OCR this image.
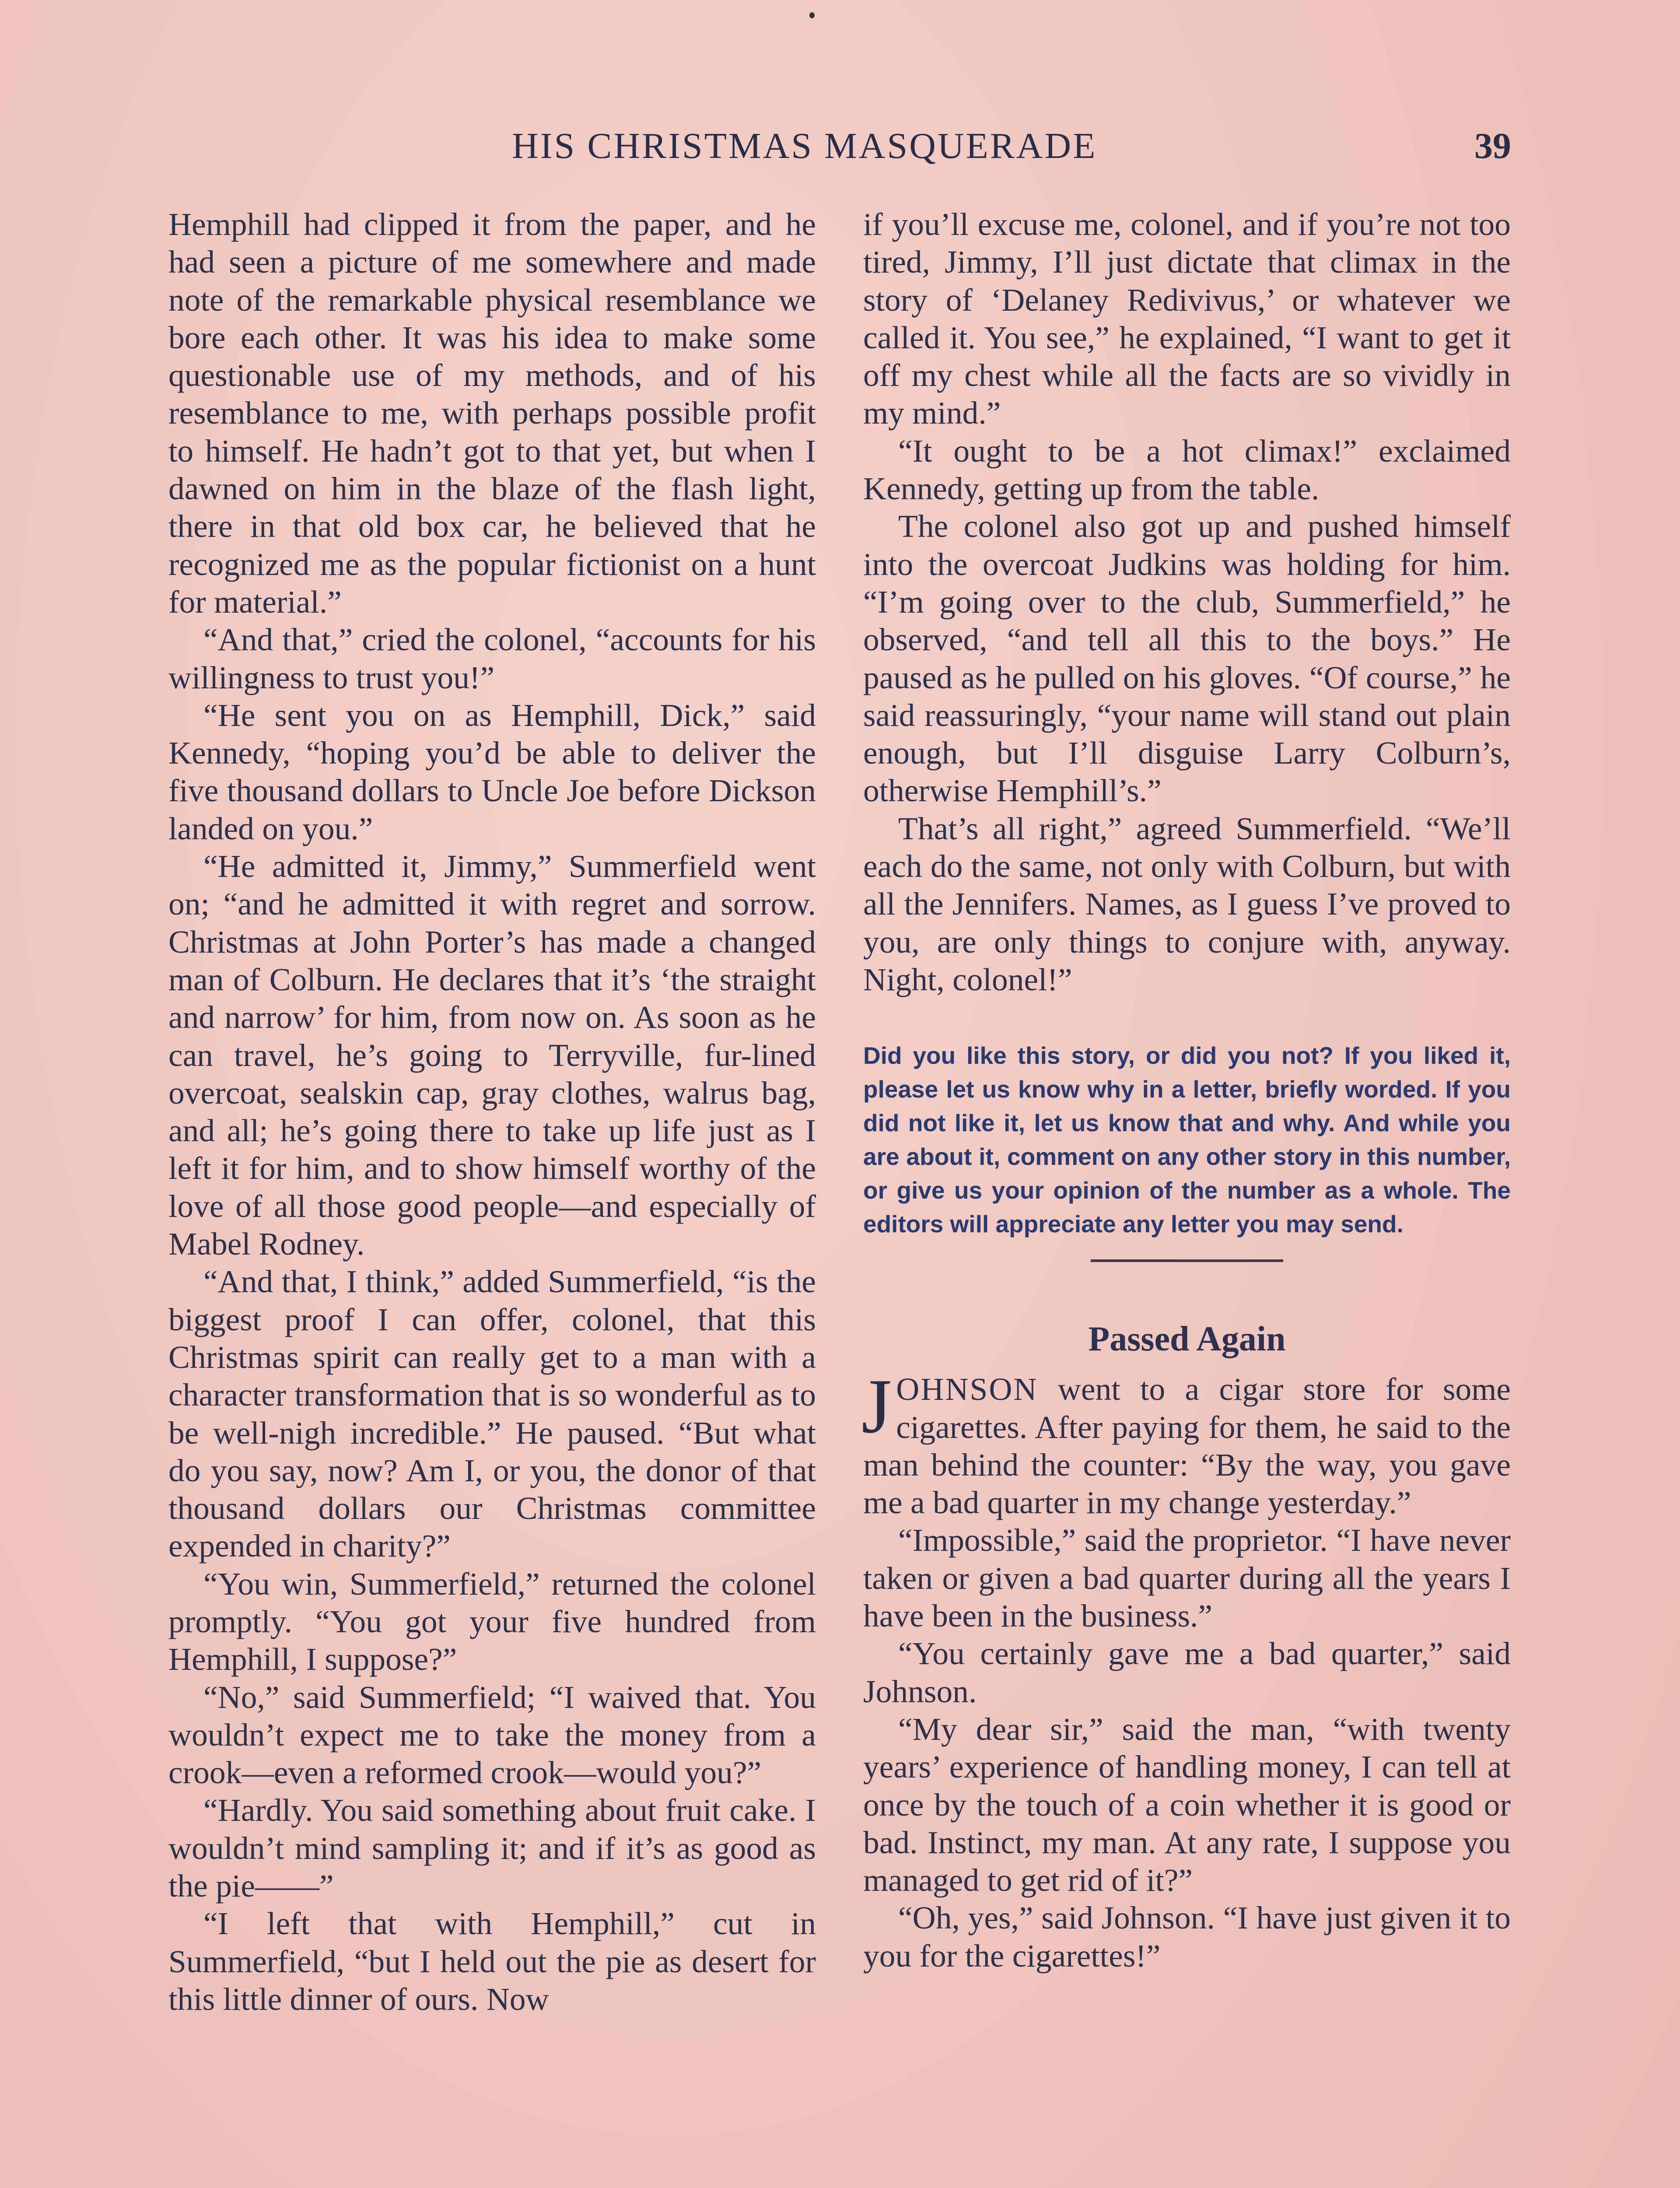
HIS CHRISTMAS MASQUERADE	39

Hemphill had clipped it from the paper, and he had seen a picture of me somewhere and made note of the remarkable physical resemblance we bore each other. It was his idea to make some questionable use of my methods, and of his resemblance to me, with perhaps possible profit to himself. He hadn’t got to that yet, but when I dawned on him in the blaze of the flash light, there in that old box car, he believed that he recognized me as the popular fictionist on a hunt for material.”

“And that,” cried the colonel, “accounts for his willingness to trust you!”

“He sent you on as Hemphill, Dick,” said Kennedy, “hoping you’d be able to deliver the five thousand dollars to Uncle Joe before Dickson landed on you.”

“He admitted it, Jimmy,” Summerfield went on; “and he admitted it with regret and sorrow. Christmas at John Porter’s has made a changed man of Colburn. He declares that it’s ‘the straight and narrow’ for him, from now on. As soon as he can travel, he’s going to Terryville, fur-lined overcoat, sealskin cap, gray clothes, walrus bag, and all; he’s going there to take up life just as I left it for him, and to show himself worthy of the love of all those good people—and especially of Mabel Rodney.

“And that, I think,” added Summerfield, “is the biggest proof I can offer, colonel, that this Christmas spirit can really get to a man with a character transformation that is so wonderful as to be well-nigh incredible.” He paused. “But what do you say, now? Am I, or you, the donor of that thousand dollars our Christmas committee expended in charity?”

“You win, Summerfield,” returned the colonel promptly. “You got your five hundred from Hemphill, I suppose?”

“No,” said Summerfield; “I waived that. You wouldn’t expect me to take the money from a crook—even a reformed crook—would you?”

“Hardly. You said something about fruit cake. I wouldn’t mind sampling it; and if it’s as good as the pie——”

“I left that with Hemphill,” cut in Summerfield, “but I held out the pie as desert for this little dinner of ours. Now

if you’ll excuse me, colonel, and if you’re not too tired, Jimmy, I’ll just dictate that climax in the story of ‘Delaney Redivivus,’ or whatever we called it. You see,” he explained, “I want to get it off my chest while all the facts are so vividly in my mind.”

“It ought to be a hot climax!” exclaimed Kennedy, getting up from the table.

The colonel also got up and pushed himself into the overcoat Judkins was holding for him. “I’m going over to the club, Summerfield,” he observed, “and tell all this to the boys.” He paused as he pulled on his gloves. “Of course,” he said reassuringly, “your name will stand out plain enough, but I’ll disguise Larry Colburn’s, otherwise Hemphill’s.”

That’s all right,” agreed Summerfield. “We’ll each do the same, not only with Colburn, but with all the Jennifers. Names, as I guess I’ve proved to you, are only things to conjure with, anyway. Night, colonel!”

Did you like this story, or did you not? If you liked it, please let us know why in a letter, briefly worded. If you did not like it, let us know that and why. And while you are about it, comment on any other story in this number, or give us your opinion of the number as a whole. The editors will appreciate any letter you may send.
Passed Again

JOHNSON went to a cigar store for some cigarettes. After paying for them, he said to the man behind the counter: “By the way, you gave me a bad quarter in my change yesterday.”

“Impossible,” said the proprietor. “I have never taken or given a bad quarter during all the years I have been in the business.”

“You certainly gave me a bad quarter,” said Johnson.

“My dear sir,” said the man, “with twenty years’ experience of handling money, I can tell at once by the touch of a coin whether it is good or bad. Instinct, my man. At any rate, I suppose you managed to get rid of it?”

“Oh, yes,” said Johnson. “I have just given it to you for the cigarettes!”
